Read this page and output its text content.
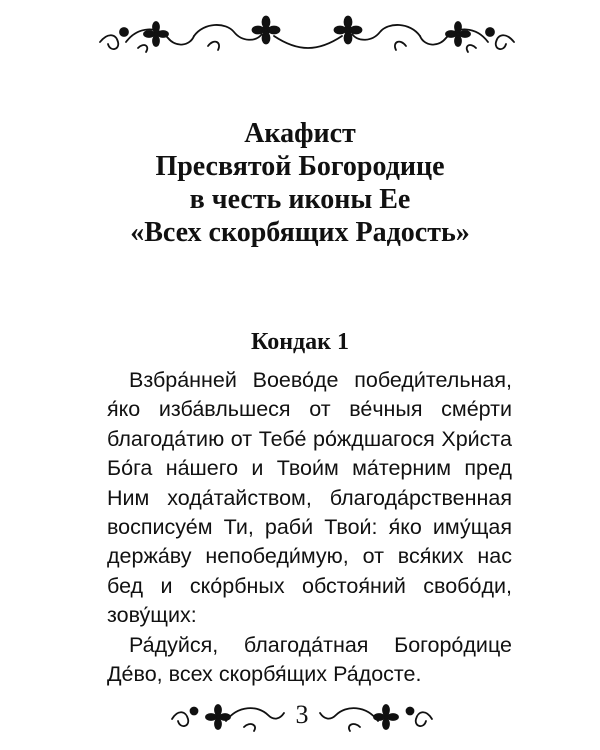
Акафист
Пресвятой Богородице
в честь иконы Ее
«Всех скорбящих Радость»
Кондак 1
Взбра́нней Воево́де победи́тельная,
я́ко изба́вльшеся от ве́чныя сме́рти
благода́тию от Тебе́ ро́ждшагося Хри́ста
Бо́га на́шего и Твои́м ма́терним пред
Ним хода́тайством, благода́рственная
восписуе́м Ти, раби́ Твои́: я́ко иму́щая
держа́ву непобеди́мую, от вся́ких нас
бед и ско́рбных обстоя́ний свобо́ди,
зову́щих:
Ра́дуйся, благода́тная Богоро́дице
Де́во, всех скорбя́щих Ра́досте.
3
